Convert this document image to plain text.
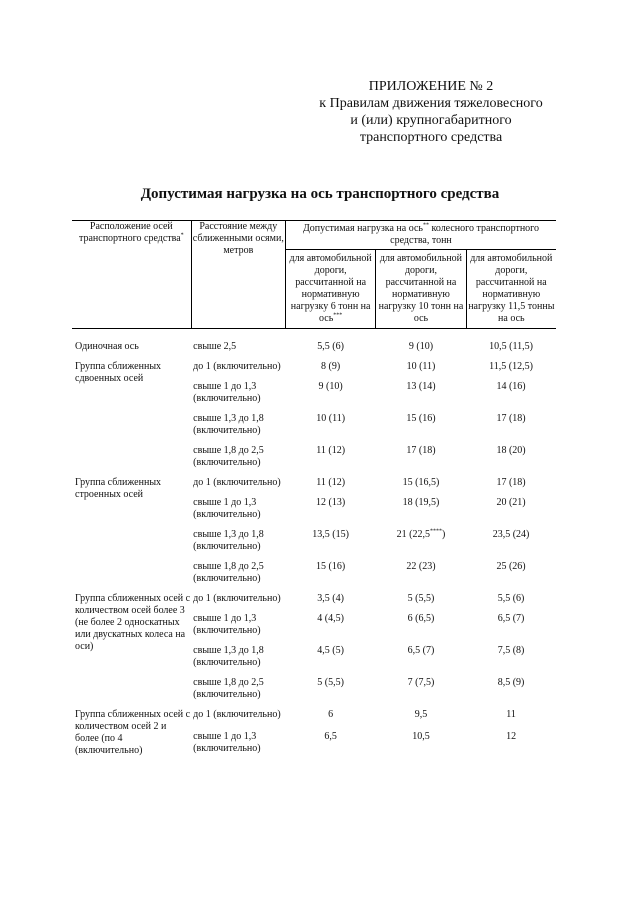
ПРИЛОЖЕНИЕ № 2
к Правилам движения тяжеловесного
и (или) крупногабаритного
транспортного средства
Допустимая нагрузка на ось транспортного средства
Расположение осей транспортного средства*	Расстояние между сближенными осями, метров	Допустимая нагрузка на ось** колесного транспортного средства, тонн		
		для автомобильной дороги, рассчитанной на нормативную нагрузку 6 тонн на ось***	для автомобильной дороги, рассчитанной на нормативную нагрузку 10 тонн на ось	для автомобильной дороги, рассчитанной на нормативную нагрузку 11,5 тонны на ось

Одиночная ось	свыше 2,5	5,5 (6)	9 (10)	10,5 (11,5)
Группа сближенных сдвоенных осей	до 1 (включительно)	8 (9)	10 (11)	11,5 (12,5)
	свыше 1 до 1,3 (включительно)	9 (10)	13 (14)	14 (16)
	свыше 1,3 до 1,8 (включительно)	10 (11)	15 (16)	17 (18)
	свыше 1,8 до 2,5 (включительно)	11 (12)	17 (18)	18 (20)
Группа сближенных строенных осей	до 1 (включительно)	11 (12)	15 (16,5)	17 (18)
	свыше 1 до 1,3 (включительно)	12 (13)	18 (19,5)	20 (21)
	свыше 1,3 до 1,8 (включительно)	13,5 (15)	21 (22,5****)	23,5 (24)
	свыше 1,8 до 2,5 (включительно)	15 (16)	22 (23)	25 (26)
Группа сближенных осей с количеством осей более 3 (не более 2 односкатных или двускатных колеса на оси)	до 1 (включительно)	3,5 (4)	5 (5,5)	5,5 (6)
	свыше 1 до 1,3 (включительно)	4 (4,5)	6 (6,5)	6,5 (7)
	свыше 1,3 до 1,8 (включительно)	4,5 (5)	6,5 (7)	7,5 (8)
	свыше 1,8 до 2,5 (включительно)	5 (5,5)	7 (7,5)	8,5 (9)
Группа сближенных осей с количеством осей 2 и более (по 4 (включительно)	до 1 (включительно)	6	9,5	11
	свыше 1 до 1,3 (включительно)	6,5	10,5	12
